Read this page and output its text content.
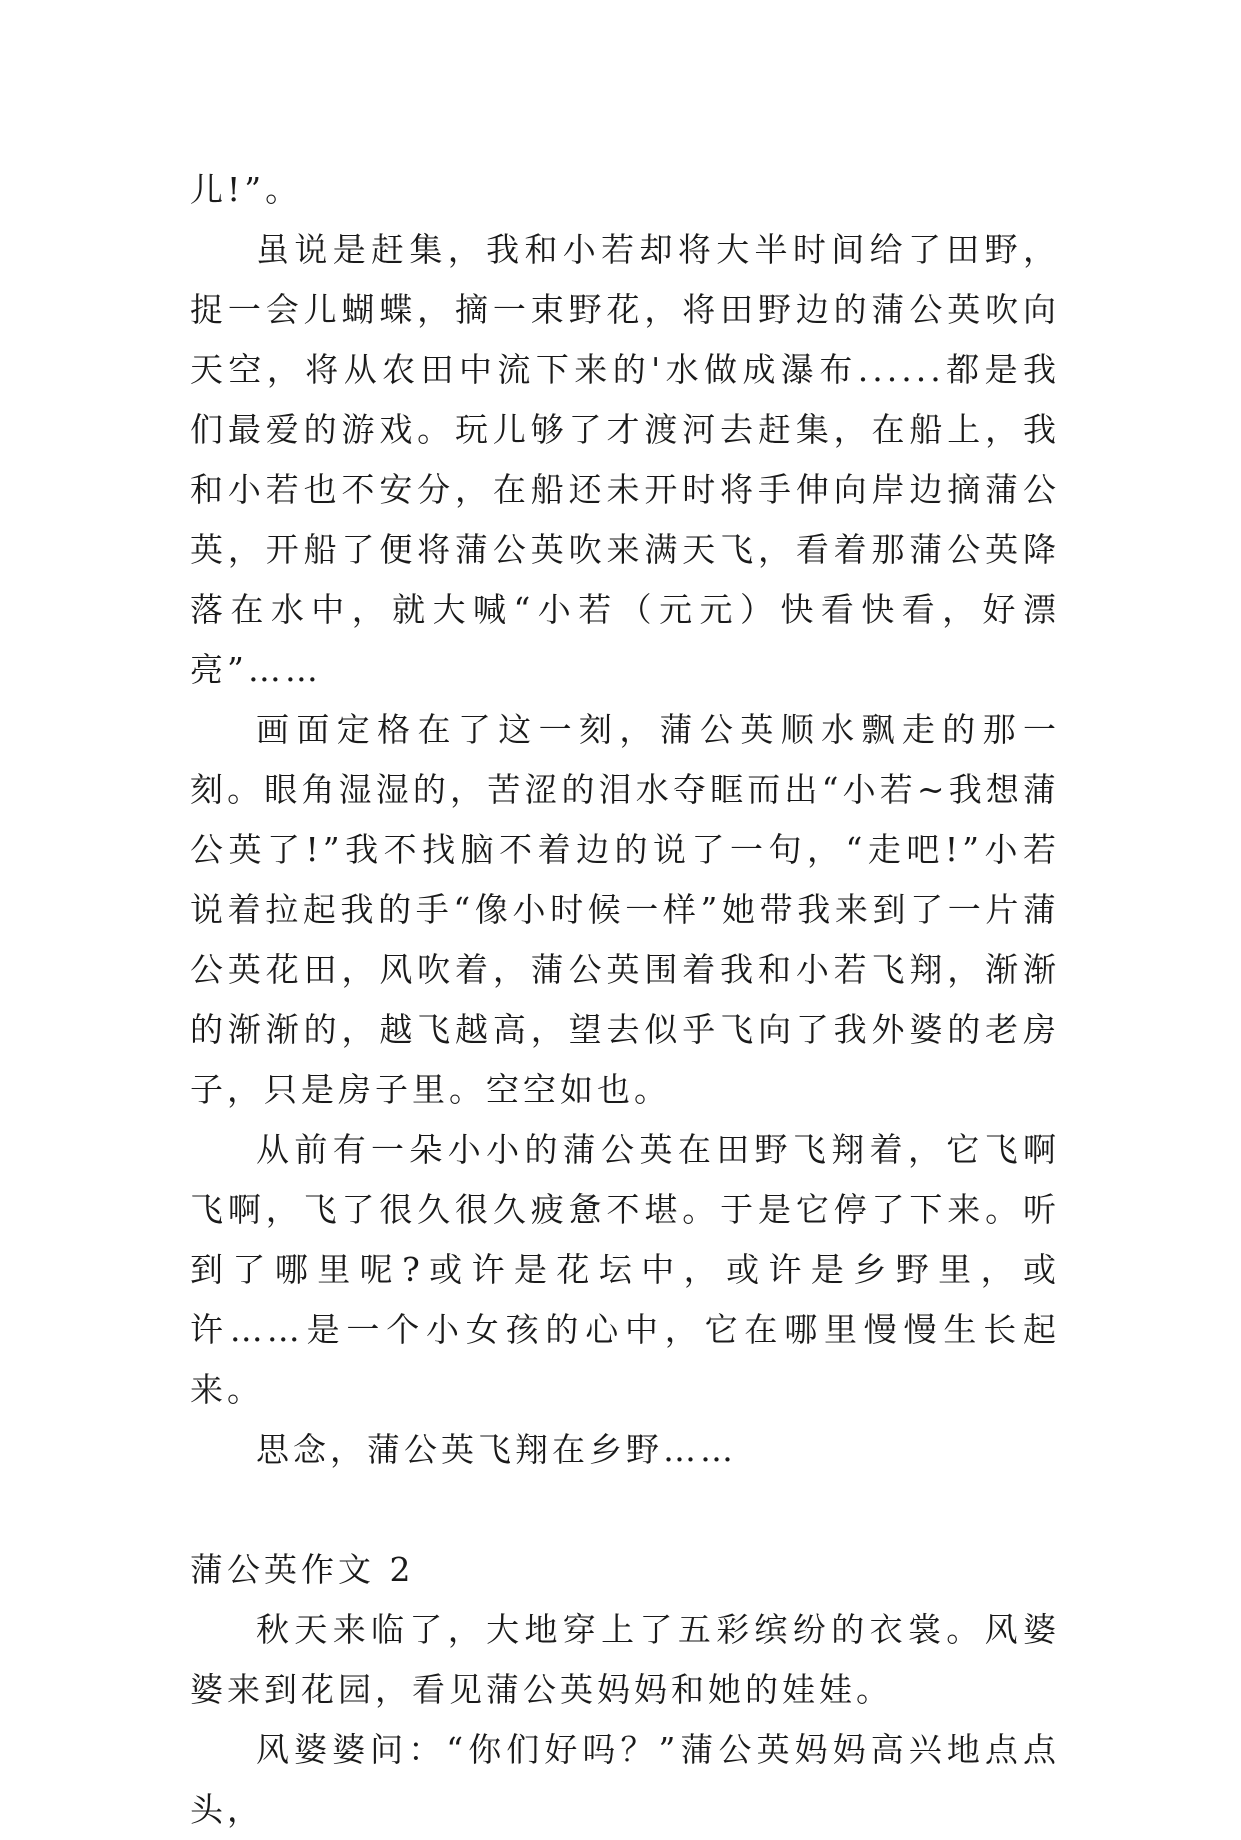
儿!”。

虽说是赶集，我和小若却将大半时间给了田野，捉一会儿蝴蝶，摘一束野花，将田野边的蒲公英吹向天空，将从农田中流下来的'水做成瀑布......都是我们最爱的游戏。玩儿够了才渡河去赶集，在船上，我和小若也不安分，在船还未开时将手伸向岸边摘蒲公英，开船了便将蒲公英吹来满天飞，看着那蒲公英降落在水中，就大喊“小若（元元）快看快看，好漂亮”……

画面定格在了这一刻，蒲公英顺水飘走的那一刻。眼角湿湿的，苦涩的泪水夺眶而出“小若~我想蒲公英了!”我不找脑不着边的说了一句，“走吧!”小若说着拉起我的手“像小时候一样”她带我来到了一片蒲公英花田，风吹着，蒲公英围着我和小若飞翔，渐渐的渐渐的，越飞越高，望去似乎飞向了我外婆的老房子，只是房子里。空空如也。

从前有一朵小小的蒲公英在田野飞翔着，它飞啊飞啊，飞了很久很久疲惫不堪。于是它停了下来。听到了哪里呢?或许是花坛中，或许是乡野里，或许……是一个小女孩的心中，它在哪里慢慢生长起来。

思念，蒲公英飞翔在乡野……

蒲公英作文 2

秋天来临了，大地穿上了五彩缤纷的衣裳。风婆婆来到花园，看见蒲公英妈妈和她的娃娃。

风婆婆问：“你们好吗？”蒲公英妈妈高兴地点点头，
